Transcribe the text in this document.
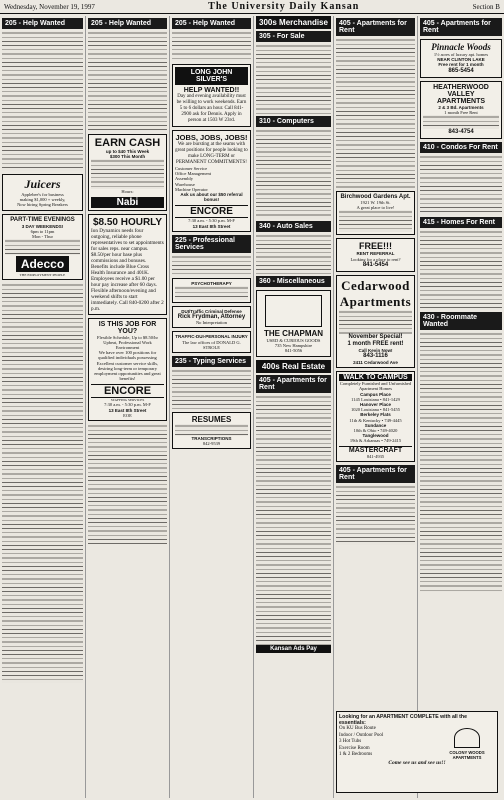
Wednesday, November 19, 1997	The University Daily Kansan	Section B
205 - Help Wanted
Juicers
Applebee's for business
making $1,000 + weekly,
Now hiring Spring Breakers
PART-TIME EVENINGS
3 DAY WEEKENDS!
6pm to 11pm
Mon - Thur
Adecco
THE EMPLOYMENT PEOPLE
205 - Help Wanted
EARN CASH
up to $40 This Week
$300 This Month
Hours:
Nabi
$8.50 HOURLY
Ion Dynamics needs four outgoing, reliable phone representatives to set appointments for sales reps. near campus. $8.50/per hour base plus commissions and bonuses. Benefits include Blue Cross Health Insurance and 401K. Employees receive a $1.00 per hour pay increase after 60 days. Flexible afternoon/evening and weekend shifts to start immediately. Call 840-0200 after 2 p.m.
IS THIS JOB FOR YOU?
Flexible Schedule, Up to $8.50/hr Upbeat, Professional Work Environment
We have over 100 positions for qualified individuals possessing Excellent customer service skills, desiring long-term or temporary employment opportunities and great benefits!
ENCORE
STAFFING SERVICES
7:30 a.m. - 5:30 p.m. M-F
13 East 8th Street
EOE
205 - Help Wanted
LONG JOHN SILVER'S
HELP WANTED!!
Day and evening availability must be willing to work weekends. Earn 5 to 6 dollars an hour. Call 841-2900 ask for Dennis. Apply in person at 1503 W 23rd.
JOBS, JOBS, JOBS!
We are bursting at the seams with great positions for people looking to make LONG-TERM or PERMANENT COMMITMENTS!
Customer Service
Office Management
Assembly
Warehouse
Machine Operator
Ask us about our $50 referral bonus!
ENCORE
7:30 a.m. - 5:30 p.m. M-F
13 East 8th Street
225 - Professional Services
PSYCHOTHERAPY
DUI/Traffic Criminal Defense
Rick Frydman, Attorney
No Interpretation
TRAFFIC-DUI-PERSONAL INJURY
The law offices of DONALD G. STROLE
235 - Typing Services
RESUMES
TRANSCRIPTIONS
842-9539
300s Merchandise
305 - For Sale
310 - Computers
340 - Auto Sales
360 - Miscellaneous
THE CHAPMAN
USED & CURIOUS GOODS
735 New Hampshire
841-5056
400s Real Estate
405 - Apartments for Rent
Kansan Ads Pay
405 - Apartments for Rent
Birchwood Gardens Apt.
1921 W. 19th St.
A great place to live!
FREE!!!
RENT REFERRAL
Looking for a place to rent?
841-5454
Cedarwood Apartments
November Special!
1 month FREE rent!
Call Kevin Now!
843-1116
2411 Cedarwood Ave
WALK TO CAMPUS
Completely Furnished and Unfurnished Apartment Homes
Campus Place
1145 Louisiana • 841-1429
Hanover Place
1020 Louisiana • 841-5455
Berkeley Flats
11th & Kentucky • 749-4445
Sundance
10th & Ohio • 749-4020
Tanglewood
19th & Arkansas • 749-2415
MASTERCRAFT
841-4935
405 - Apartments for Rent
405 - Apartments for Rent
Pinnacle Woods
1½ acres of luxury apt. homes
NEAR CLINTON LAKE
Free rent for 1 month
865-5454
HEATHERWOOD VALLEY APARTMENTS
2 & 3 Bd. Apartments
1 month Free Rent
843-4754
410 - Condos For Rent
415 - Homes For Rent
430 - Roommate Wanted
Looking for an APARTMENT COMPLETE with all the essentials:
On KU Bus Route
Indoor / Outdoor Pool
3 Hot Tubs
Exercise Room
1 & 2 Bedrooms	COLONY WOODS APARTMENTS
Come see us and see us!!
